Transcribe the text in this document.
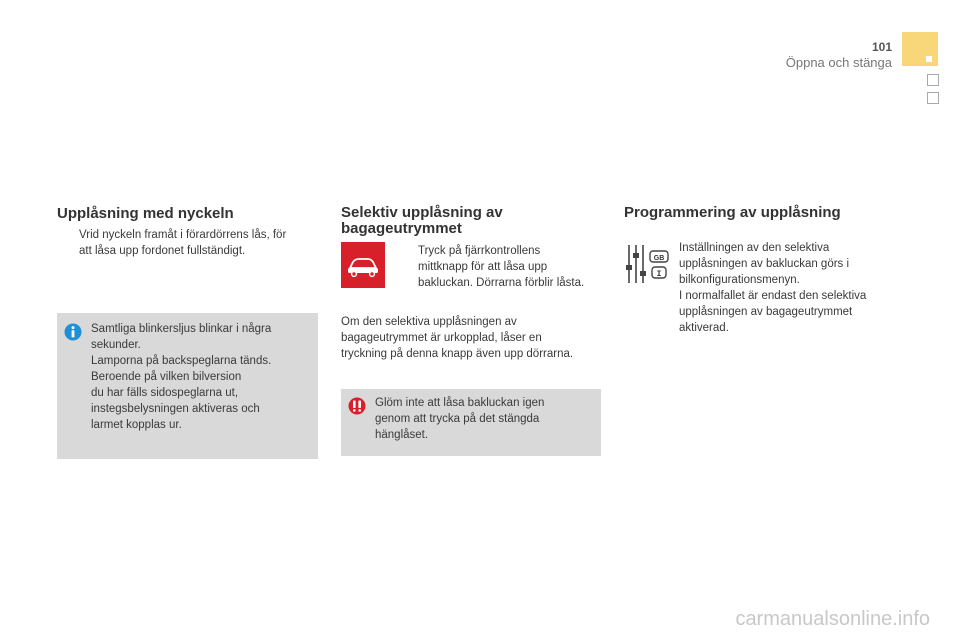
101
Öppna och stänga
Upplåsning med nyckeln

Vrid nyckeln framåt i förardörrens lås, för

att låsa upp fordonet fullständigt.

Samtliga blinkersljus blinkar i några

sekunder.

Lamporna på backspeglarna tänds.

Beroende på vilken bilversion

du har fälls sidospeglarna ut,

instegsbelysningen aktiveras och

larmet kopplas ur.

Selektiv upplåsning av
bagageutrymmet

Tryck på fjärrkontrollens

mittknapp för att låsa upp

bakluckan. Dörrarna förblir låsta.

Om den selektiva upplåsningen av

bagageutrymmet är urkopplad, låser en

tryckning på denna knapp även upp dörrarna.

Glöm inte att låsa bakluckan igen

genom att trycka på det stängda

hänglåset.

Programmering av upplåsning
GB
I

Inställningen av den selektiva

upplåsningen av bakluckan görs i

bilkonfigurationsmenyn.

I normalfallet är endast den selektiva

upplåsningen av bagageutrymmet

aktiverad.

carmanualsonline.info
